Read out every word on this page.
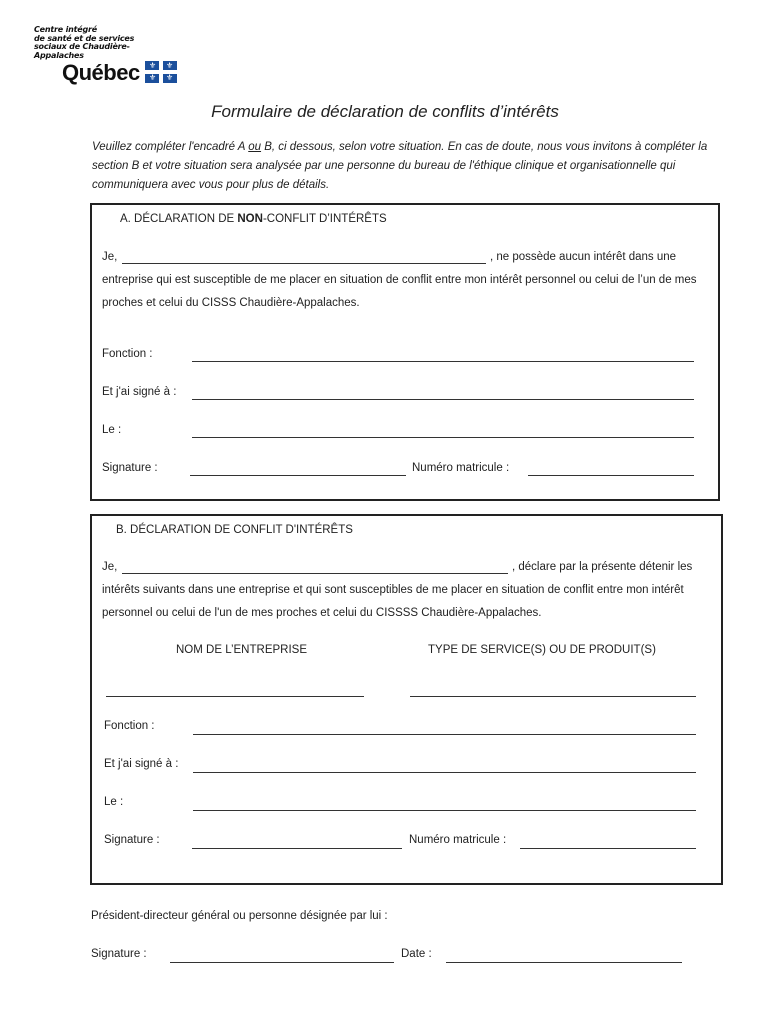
Centre intégré
de santé et de services
sociaux de Chaudière-
Appalaches
Québec ⚜ ⚜
⚜ ⚜
Formulaire de déclaration de conflits d’intérêts
Veuillez compléter l'encadré A ou B, ci dessous, selon votre situation. En cas de doute, nous vous invitons à compléter la section B et votre situation sera analysée par une personne du bureau de l'éthique clinique et organisationnelle qui communiquera avec vous pour plus de détails.
A. DÉCLARATION DE NON-CONFLIT D’INTÉRÊTS
Je,	, ne possède aucun intérêt dans une
entreprise qui est susceptible de me placer en situation de conflit entre mon intérêt personnel ou celui de l’un de mes proches et celui du CISSS Chaudière-Appalaches.
Fonction :
Et j'ai signé à :
Le :
Signature :	Numéro matricule :
B. DÉCLARATION DE CONFLIT D'INTÉRÊTS
Je,	, déclare par la présente détenir les
intérêts suivants dans une entreprise et qui sont susceptibles de me placer en situation de conflit entre mon intérêt personnel ou celui de l'un de mes proches et celui du CISSSS Chaudière-Appalaches.
NOM DE L’ENTREPRISE	TYPE DE SERVICE(S) OU DE PRODUIT(S)
Fonction :
Et j'ai signé à :
Le :
Signature :	Numéro matricule :
Président-directeur général ou personne désignée par lui :
Signature :	Date :
